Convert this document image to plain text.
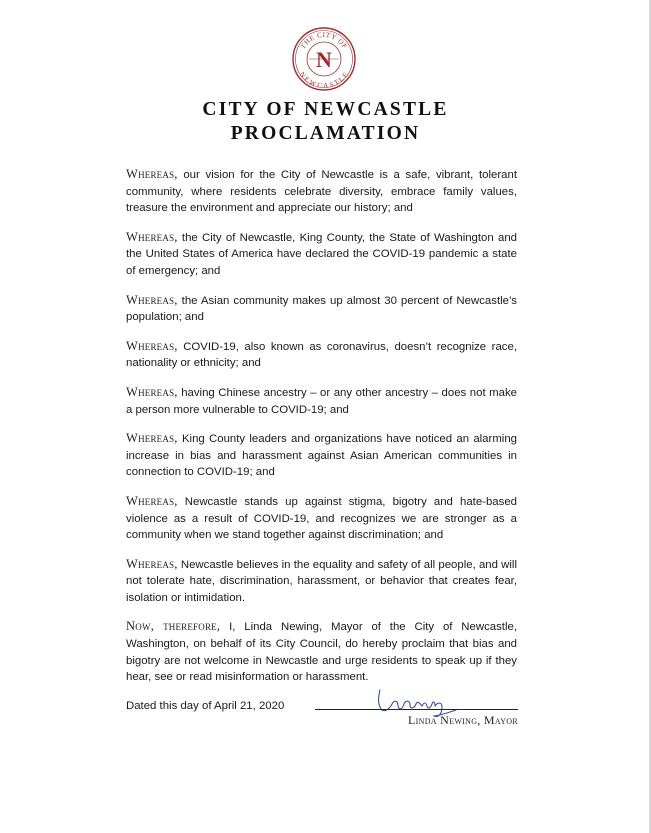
THE CITY OF
NEWCASTLE
N
CITY OF NEWCASTLE
PROCLAMATION

Whereas, our vision for the City of Newcastle is a safe, vibrant, tolerant community, where residents celebrate diversity, embrace family values, treasure the environment and appreciate our history; and

Whereas, the City of Newcastle, King County, the State of Washington and the United States of America have declared the COVID-19 pandemic a state of emergency; and

Whereas, the Asian community makes up almost 30 percent of Newcastle’s population; and

Whereas, COVID-19, also known as coronavirus, doesn’t recognize race, nationality or ethnicity; and

Whereas, having Chinese ancestry – or any other ancestry – does not make a person more vulnerable to COVID-19; and

Whereas, King County leaders and organizations have noticed an alarming increase in bias and harassment against Asian American communities in connection to COVID-19; and

Whereas, Newcastle stands up against stigma, bigotry and hate-based violence as a result of COVID-19, and recognizes we are stronger as a community when we stand together against discrimination; and

Whereas, Newcastle believes in the equality and safety of all people, and will not tolerate hate, discrimination, harassment, or behavior that creates fear, isolation or intimidation.

Now, therefore, I, Linda Newing, Mayor of the City of Newcastle, Washington, on behalf of its City Council, do hereby proclaim that bias and bigotry are not welcome in Newcastle and urge residents to speak up if they hear, see or read misinformation or harassment.

Dated this day of April 21, 2020

Linda Newing, Mayor
